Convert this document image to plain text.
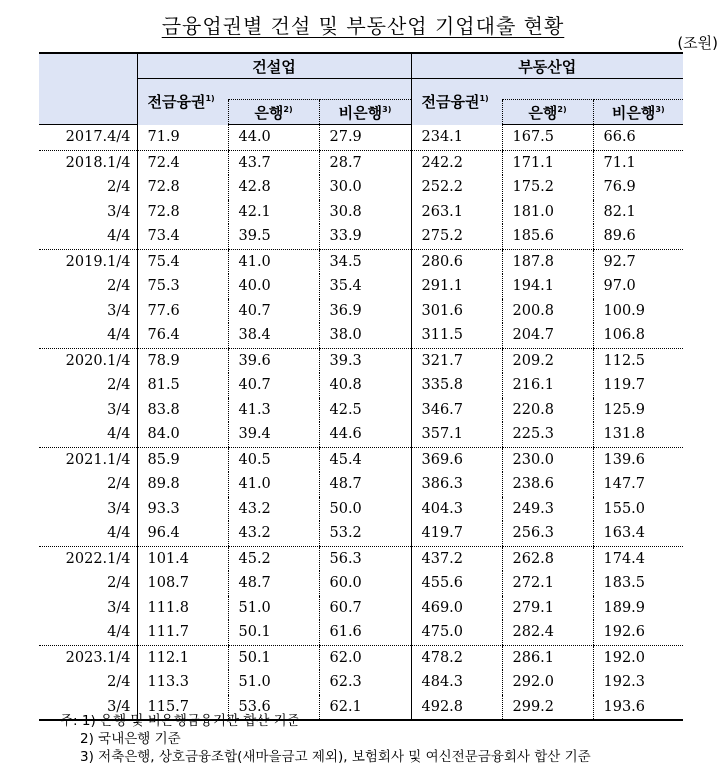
금융업권별 건설 및 부동산업 기업대출 현황
(조원)
	건설업			부동산업		
	전금융권$^{1)}$			전금융권$^{1)}$	
		은행$^{2)}$	비은행$^{3)}$		은행$^{2)}$	비은행$^{3)}$
2017.4/4	71.9	44.0	27.9	234.1	167.5	66.6
2018.1/4	72.4	43.7	28.7	242.2	171.1	71.1
2/4	72.8	42.8	30.0	252.2	175.2	76.9
3/4	72.8	42.1	30.8	263.1	181.0	82.1
4/4	73.4	39.5	33.9	275.2	185.6	89.6
2019.1/4	75.4	41.0	34.5	280.6	187.8	92.7
2/4	75.3	40.0	35.4	291.1	194.1	97.0
3/4	77.6	40.7	36.9	301.6	200.8	100.9
4/4	76.4	38.4	38.0	311.5	204.7	106.8
2020.1/4	78.9	39.6	39.3	321.7	209.2	112.5
2/4	81.5	40.7	40.8	335.8	216.1	119.7
3/4	83.8	41.3	42.5	346.7	220.8	125.9
4/4	84.0	39.4	44.6	357.1	225.3	131.8
2021.1/4	85.9	40.5	45.4	369.6	230.0	139.6
2/4	89.8	41.0	48.7	386.3	238.6	147.7
3/4	93.3	43.2	50.0	404.3	249.3	155.0
4/4	96.4	43.2	53.2	419.7	256.3	163.4
2022.1/4	101.4	45.2	56.3	437.2	262.8	174.4
2/4	108.7	48.7	60.0	455.6	272.1	183.5
3/4	111.8	51.0	60.7	469.0	279.1	189.9
4/4	111.7	50.1	61.6	475.0	282.4	192.6
2023.1/4	112.1	50.1	62.0	478.2	286.1	192.0
2/4	113.3	51.0	62.3	484.3	292.0	192.3
3/4	115.7	53.6	62.1	492.8	299.2	193.6
주: 1) 은행 및 비은행금융기관 합산 기준
2) 국내은행 기준
3) 저축은행, 상호금융조합(새마을금고 제외), 보험회사 및 여신전문금융회사 합산 기준
